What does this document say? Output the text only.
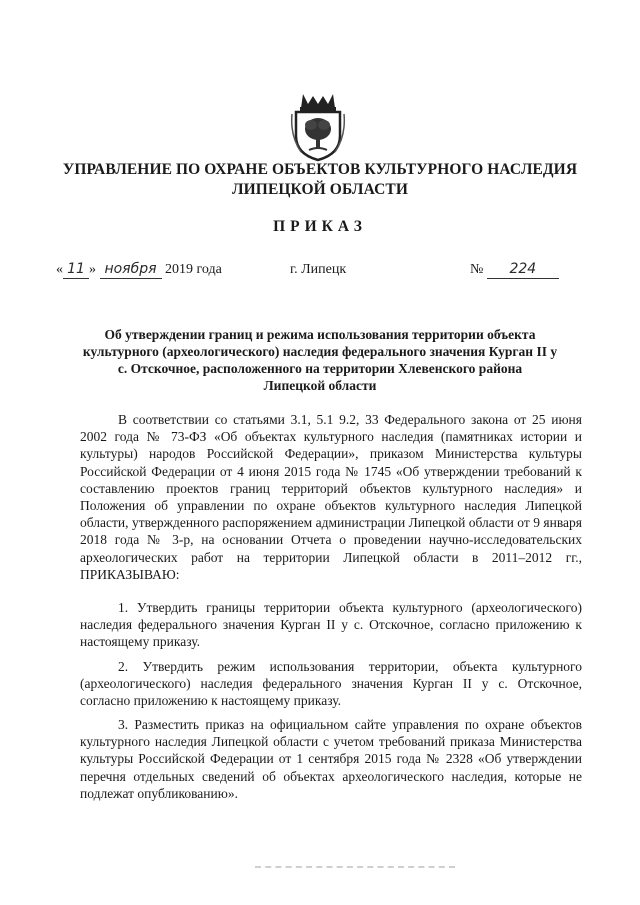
УПРАВЛЕНИЕ ПО ОХРАНЕ ОБЪЕКТОВ КУЛЬТУРНОГО НАСЛЕДИЯ
ЛИПЕЦКОЙ ОБЛАСТИ
ПРИКАЗ
« 11 » ноября 2019 года	г. Липецк	№ 224
Об утверждении границ и режима использования территории объекта
культурного (археологического) наследия федерального значения Курган II у
с. Отскочное, расположенного на территории Хлевенского района
Липецкой области

В соответствии со статьями 3.1, 5.1 9.2, 33 Федерального закона от 25 июня 2002 года № 73-ФЗ «Об объектах культурного наследия (памятниках истории и культуры) народов Российской Федерации», приказом Министерства культуры Российской Федерации от 4 июня 2015 года № 1745 «Об утверждении требований к составлению проектов границ территорий объектов культурного наследия» и Положения об управлении по охране объектов культурного наследия Липецкой области, утвержденного распоряжением администрации Липецкой области от 9 января 2018 года № 3-р, на основании Отчета о проведении научно-исследовательских археологических работ на территории Липецкой области в 2011–2012 гг., ПРИКАЗЫВАЮ:

1. Утвердить границы территории объекта культурного (археологического) наследия федерального значения Курган II у с. Отскочное, согласно приложению к настоящему приказу.

2. Утвердить режим использования территории, объекта культурного (археологического) наследия федерального значения Курган II у с. Отскочное, согласно приложению к настоящему приказу.

3. Разместить приказ на официальном сайте управления по охране объектов культурного наследия Липецкой области с учетом требований приказа Министерства культуры Российской Федерации от 1 сентября 2015 года № 2328 «Об утверждении перечня отдельных сведений об объектах археологического наследия, которые не подлежат опубликованию».
